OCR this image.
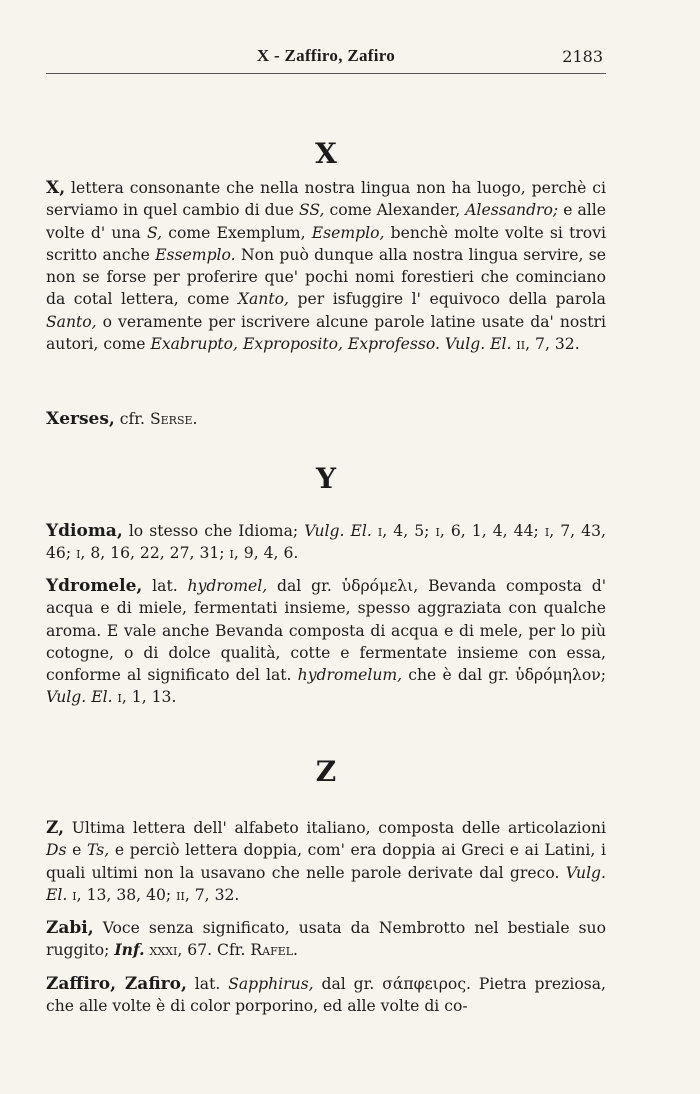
X - Zaffiro, Zafiro	2183
X

X, lettera consonante che nella nostra lingua non ha luogo, perchè ci serviamo in quel cambio di due SS, come Alexander, Alessandro; e alle volte d' una S, come Exemplum, Esemplo, benchè molte volte si trovi scritto anche Essemplo. Non può dunque alla nostra lingua servire, se non se forse per proferire que' pochi nomi forestieri che cominciano da cotal lettera, come Xanto, per isfuggire l' equivoco della parola Santo, o veramente per iscrivere alcune parole latine usate da' nostri autori, come Exabrupto, Exproposito, Exprofesso. Vulg. El. ii, 7, 32.

Xerses, cfr. Serse.

Y

Ydioma, lo stesso che Idioma; Vulg. El. i, 4, 5; i, 6, 1, 4, 44; i, 7, 43, 46; i, 8, 16, 22, 27, 31; i, 9, 4, 6.

Ydromele, lat. hydromel, dal gr. ὑδρόμελι, Bevanda composta d' acqua e di miele, fermentati insieme, spesso aggraziata con qualche aroma. E vale anche Bevanda composta di acqua e di mele, per lo più cotogne, o di dolce qualità, cotte e fermentate insieme con essa, conforme al significato del lat. hydromelum, che è dal gr. ὑδρόμηλον; Vulg. El. i, 1, 13.

Z

Z, Ultima lettera dell' alfabeto italiano, composta delle articolazioni Ds e Ts, e perciò lettera doppia, com' era doppia ai Greci e ai Latini, i quali ultimi non la usavano che nelle parole derivate dal greco. Vulg. El. i, 13, 38, 40; ii, 7, 32.

Zabi, Voce senza significato, usata da Nembrotto nel bestiale suo ruggito; Inf. xxxi, 67. Cfr. Rafel.

Zaffiro, Zafiro, lat. Sapphirus, dal gr. σάπφειρος. Pietra preziosa, che alle volte è di color porporino, ed alle volte di co-
